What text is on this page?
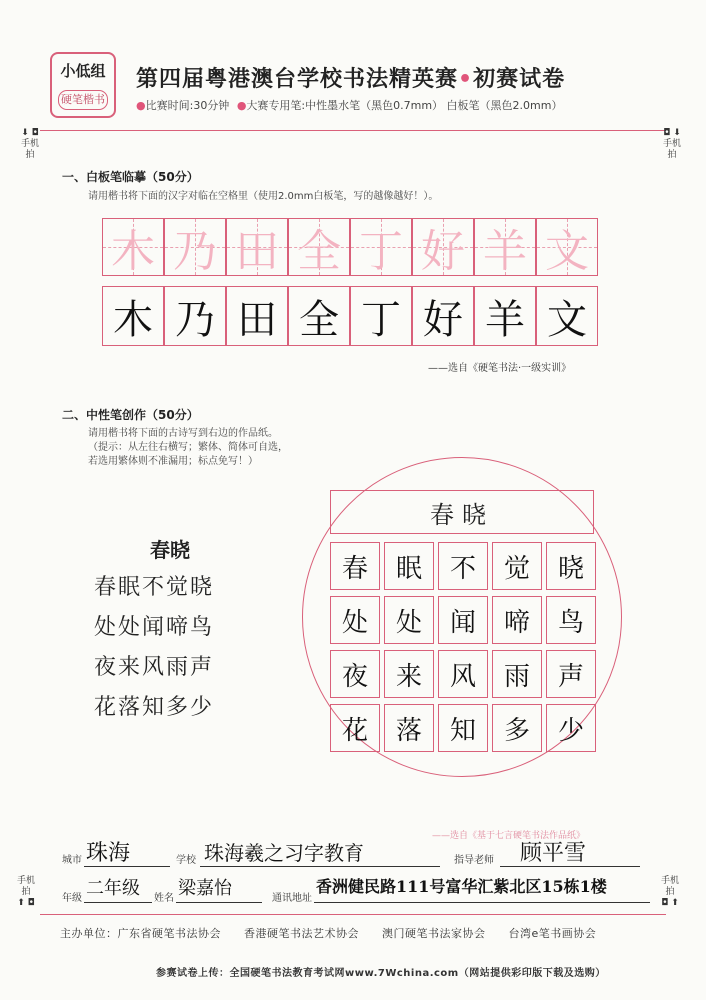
小低组
硬笔楷书
第四届粤港澳台学校书法精英赛•初赛试卷
●比赛时间:30分钟 ●大赛专用笔:中性墨水笔（黑色0.7mm） 白板笔（黑色2.0mm）
⬇ ◘
手机拍
◘ ⬇
手机拍
手机拍
⬆ ◘
手机拍
◘ ⬆
一、白板笔临摹（50分）
请用楷书将下面的汉字对临在空格里（使用2.0mm白板笔，写的越像越好！）。
木 乃 田 全 丁 好 羊 文
木 乃 田 全 丁 好 羊 文
——选自《硬笔书法·一级实训》
二、中性笔创作（50分）
请用楷书将下面的古诗写到右边的作品纸。
（提示：从左往右横写；繁体、简体可自选，
若选用繁体则不准漏用；标点免写！）
春晓
春眠不觉晓
处处闻啼鸟
夜来风雨声
花落知多少
春晓
春	眠	不	觉	晓
处	处	闻	啼	鸟
夜	来	风	雨	声
花	落	知	多	少
——选自《基于七言硬笔书法作品纸》
城市 珠海	学校 珠海羲之习字教育	指导老师 顾平雪
年级 二年级 姓名 梁嘉怡	通讯地址
香洲健民路111号富华汇紫北区15栋1楼
主办单位：广东省硬笔书法协会　　香港硬笔书法艺术协会　　澳门硬笔书法家协会　　台湾e笔书画协会
参赛试卷上传：全国硬笔书法教育考试网www.7Wchina.com（网站提供彩印版下载及选购）
